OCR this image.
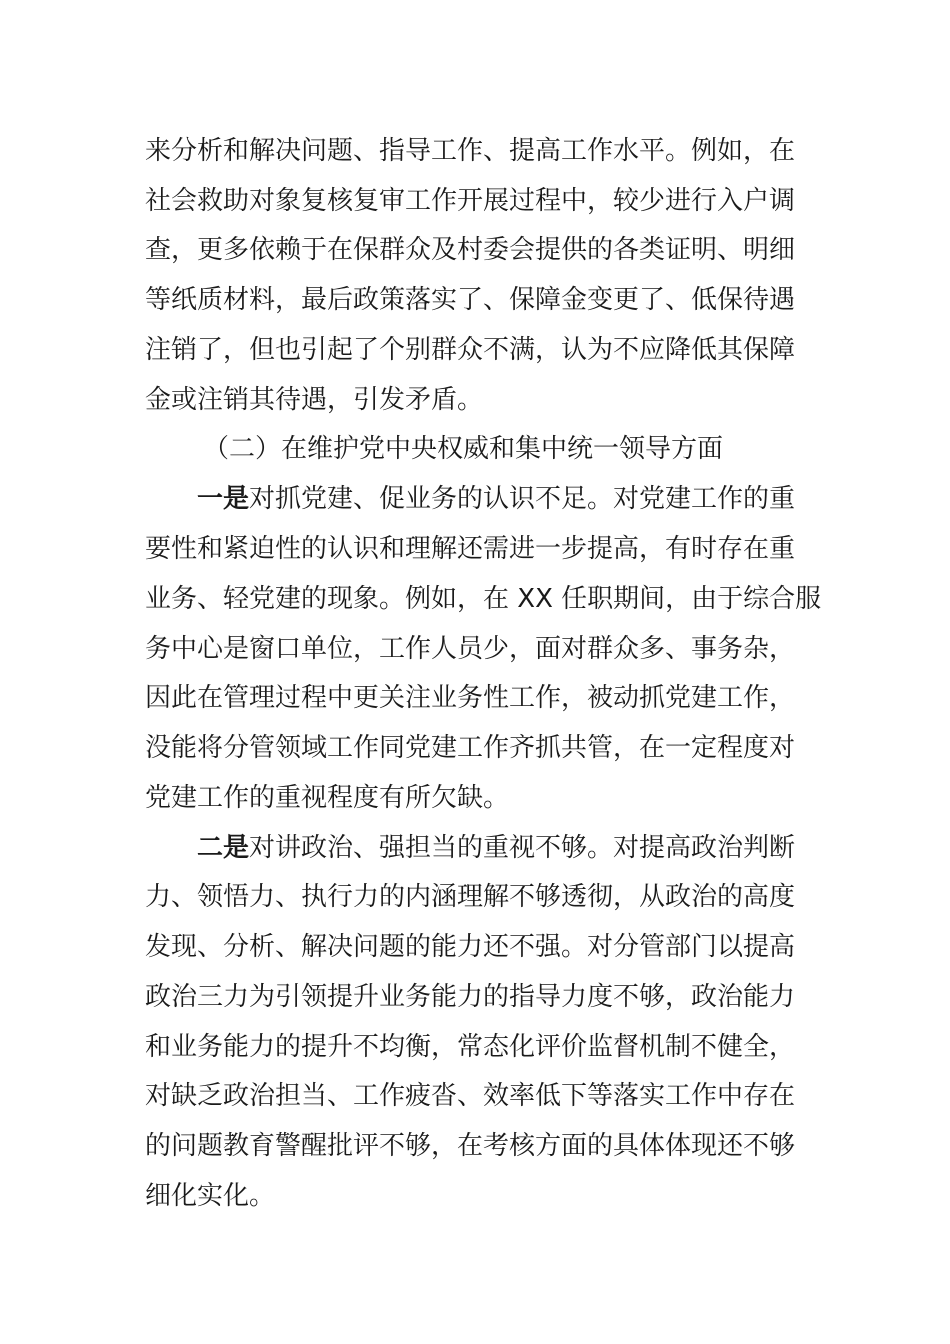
来分析和解决问题、指导工作、提高工作水平。例如，在
社会救助对象复核复审工作开展过程中，较少进行入户调
查，更多依赖于在保群众及村委会提供的各类证明、明细
等纸质材料，最后政策落实了、保障金变更了、低保待遇
注销了，但也引起了个别群众不满，认为不应降低其保障
金或注销其待遇，引发矛盾。
（二）在维护党中央权威和集中统一领导方面
一是对抓党建、促业务的认识不足。对党建工作的重
要性和紧迫性的认识和理解还需进一步提高，有时存在重
业务、轻党建的现象。例如，在 XX 任职期间，由于综合服
务中心是窗口单位，工作人员少，面对群众多、事务杂，
因此在管理过程中更关注业务性工作，被动抓党建工作，
没能将分管领域工作同党建工作齐抓共管，在一定程度对
党建工作的重视程度有所欠缺。
二是对讲政治、强担当的重视不够。对提高政治判断
力、领悟力、执行力的内涵理解不够透彻，从政治的高度
发现、分析、解决问题的能力还不强。对分管部门以提高
政治三力为引领提升业务能力的指导力度不够，政治能力
和业务能力的提升不均衡，常态化评价监督机制不健全，
对缺乏政治担当、工作疲沓、效率低下等落实工作中存在
的问题教育警醒批评不够，在考核方面的具体体现还不够
细化实化。
